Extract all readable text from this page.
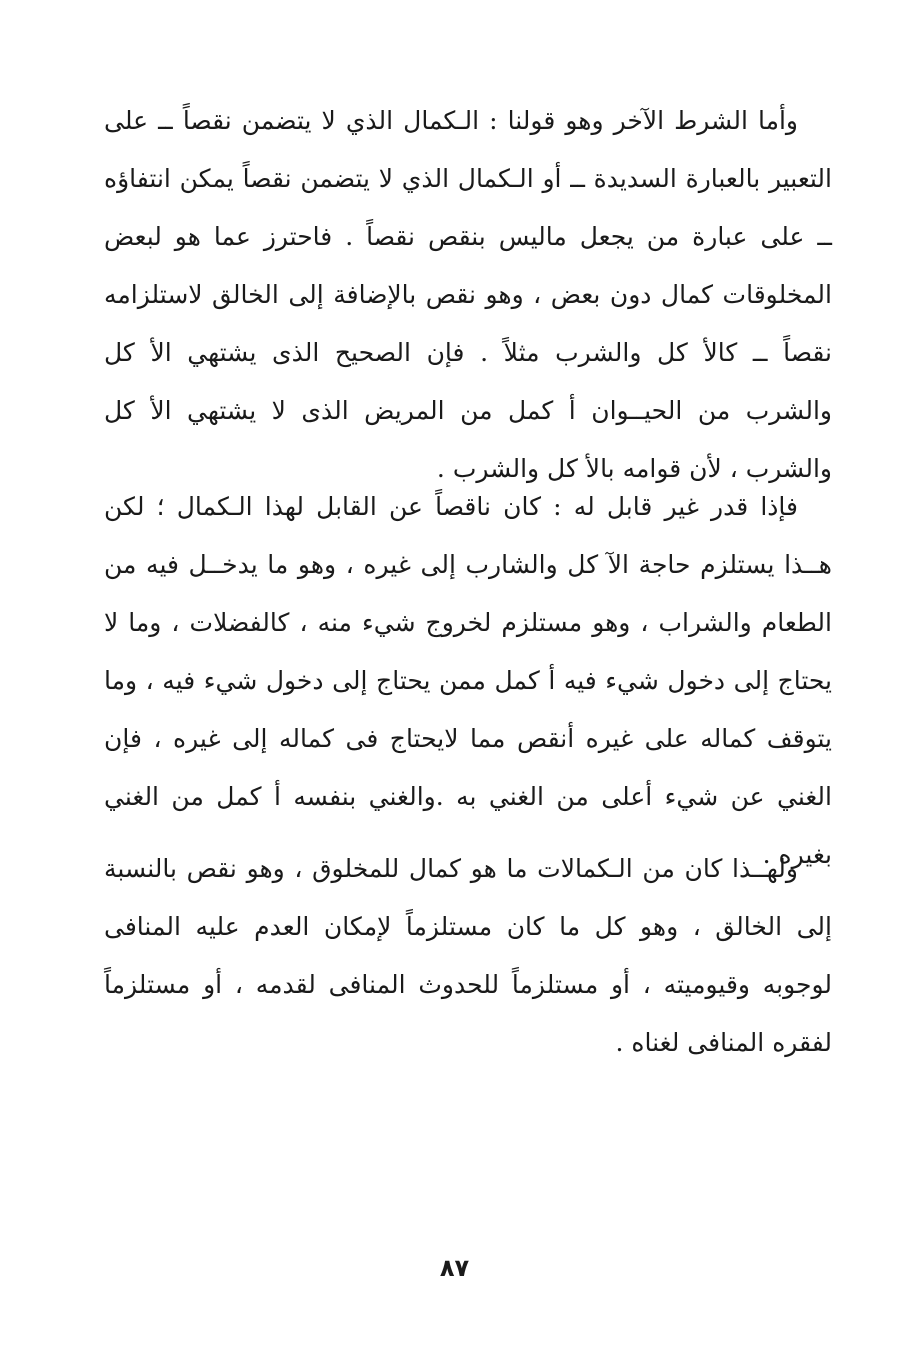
وأما الشرط الآخر وهو قولنا : الـكمال الذي لا يتضمن نقصاً ــ على التعبير بالعبارة السديدة ــ أو الـكمال الذي لا يتضمن نقصاً يمكن انتفاؤه ــ على عبارة من يجعل ماليس بنقص نقصاً . فاحترز عما هو لبعض المخلوقات كمال دون بعض ، وهو نقص بالإضافة إلى الخالق لاستلزامه نقصاً ــ كالأ كل والشرب مثلاً . فإن الصحيح الذى يشتهي الأ كل والشرب من الحيــوان أ كمل من المريض الذى لا يشتهي الأ كل والشرب ، لأن قوامه بالأ كل والشرب .

فإذا قدر غير قابل له : كان ناقصاً عن القابل لهذا الـكمال ؛ لكن هــذا يستلزم حاجة الآ كل والشارب إلى غيره ، وهو ما يدخــل فيه من الطعام والشراب ، وهو مستلزم لخروج شيء منه ، كالفضلات ، وما لا يحتاج إلى دخول شيء فيه أ كمل ممن يحتاج إلى دخول شيء فيه ، وما يتوقف كماله على غيره أنقص مما لايحتاج فى كماله إلى غيره ، فإن الغني عن شيء أعلى من الغني به .والغني بنفسه أ كمل من الغني بغيره .

ولهــذا كان من الـكمالات ما هو كمال للمخلوق ، وهو نقص بالنسبة إلى الخالق ، وهو كل ما كان مستلزماً لإمكان العدم عليه المنافى لوجوبه وقيوميته ، أو مستلزماً للحدوث المنافى لقدمه ، أو مستلزماً لفقره المنافى لغناه .

٨٧
